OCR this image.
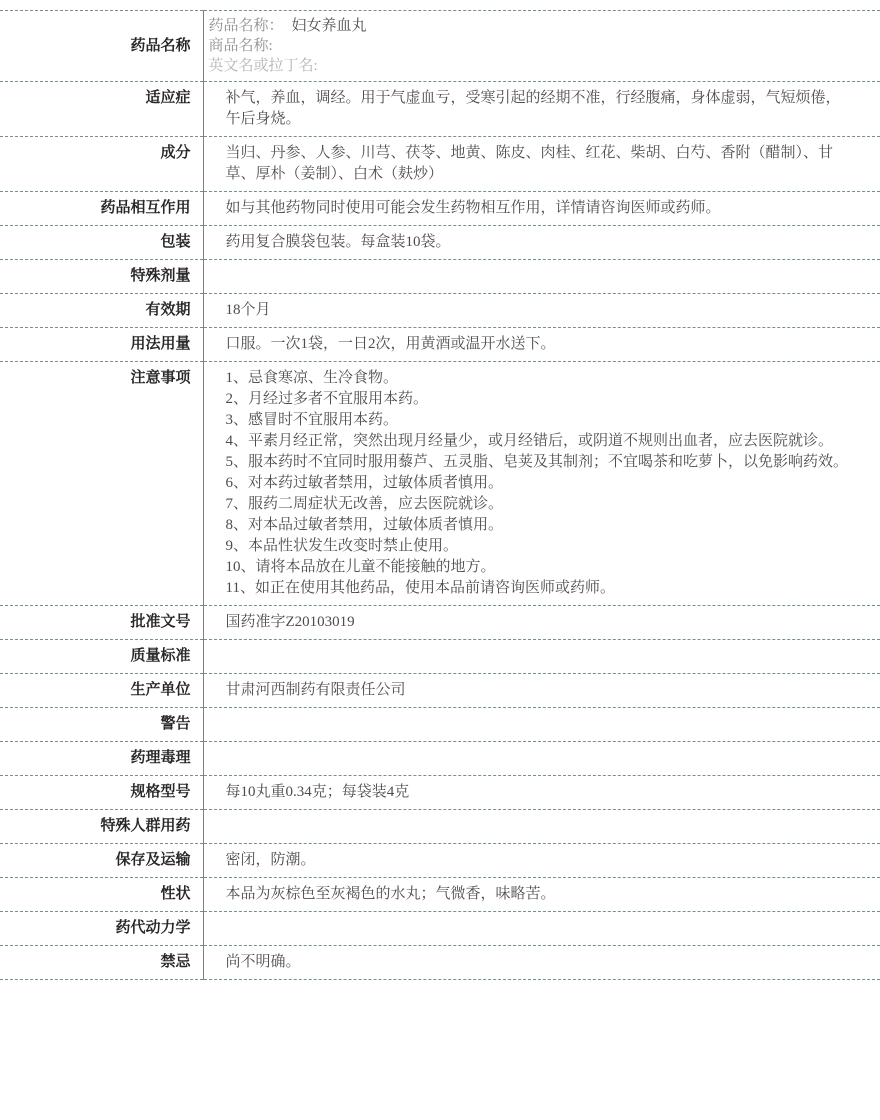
药品名称	药品名称： 妇女养血丸
商品名称:
英文名或拉丁名:

适应症	补气，养血，调经。用于气虚血亏，受寒引起的经期不准，行经腹痛，身体虚弱，气短烦倦，午后身烧。
成分	当归、丹参、人参、川芎、茯苓、地黄、陈皮、肉桂、红花、柴胡、白芍、香附（醋制）、甘草、厚朴（姜制）、白术（麸炒）
药品相互作用	如与其他药物同时使用可能会发生药物相互作用，详情请咨询医师或药师。
包装	药用复合膜袋包装。每盒装10袋。
特殊剂量	
有效期	18个月
用法用量	口服。一次1袋，一日2次，用黄酒或温开水送下。
注意事项	1、忌食寒凉、生冷食物。
2、月经过多者不宜服用本药。
3、感冒时不宜服用本药。
4、平素月经正常，突然出现月经量少，或月经错后，或阴道不规则出血者，应去医院就诊。
5、服本药时不宜同时服用藜芦、五灵脂、皂荚及其制剂；不宜喝茶和吃萝卜，以免影响药效。
6、对本药过敏者禁用，过敏体质者慎用。
7、服药二周症状无改善，应去医院就诊。
8、对本品过敏者禁用，过敏体质者慎用。
9、本品性状发生改变时禁止使用。
10、请将本品放在儿童不能接触的地方。
11、如正在使用其他药品，使用本品前请咨询医师或药师。

批准文号	国药准字Z20103019
质量标准	
生产单位	甘肃河西制药有限责任公司
警告	
药理毒理	
规格型号	每10丸重0.34克；每袋装4克
特殊人群用药	
保存及运输	密闭，防潮。
性状	本品为灰棕色至灰褐色的水丸；气微香，味略苦。
药代动力学	
禁忌	尚不明确。
